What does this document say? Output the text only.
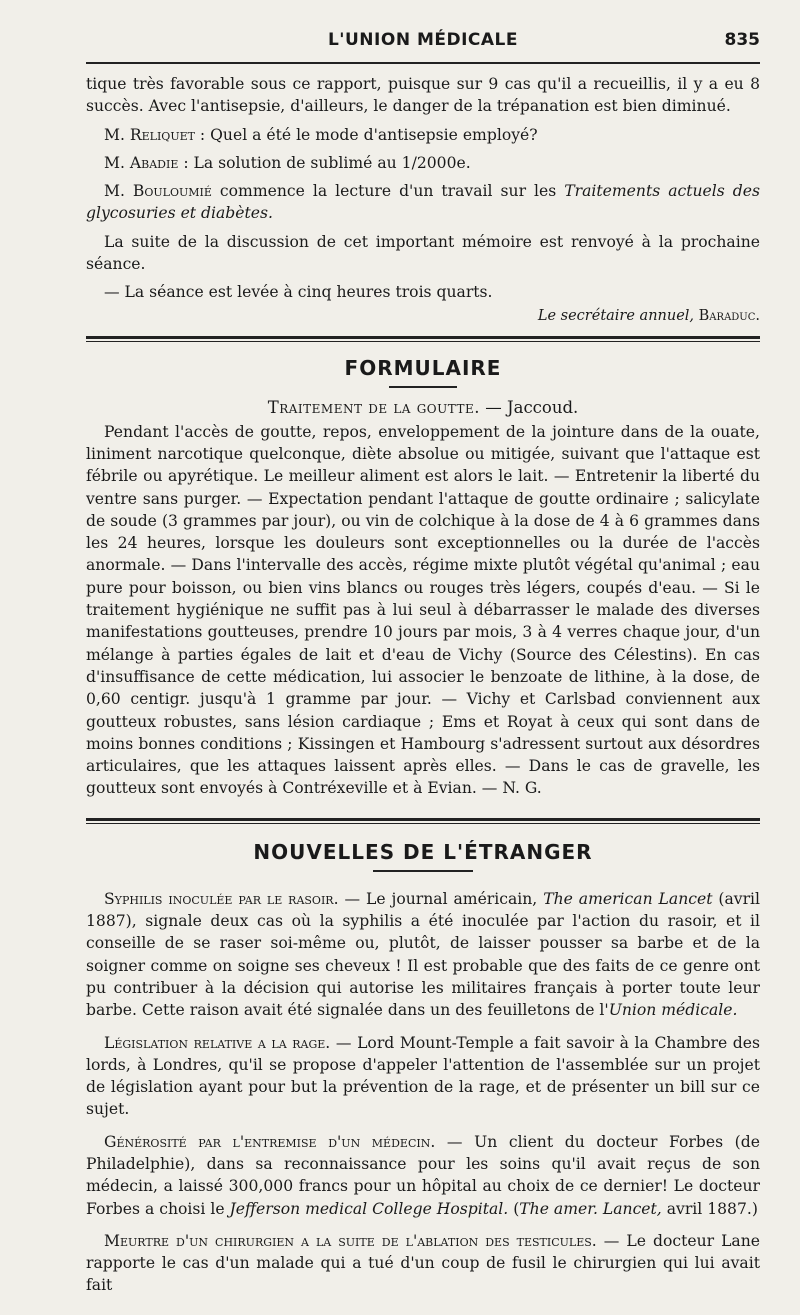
L'UNION MÉDICALE	835

tique très favorable sous ce rapport, puisque sur 9 cas qu'il a recueillis, il y a eu 8 succès. Avec l'antisepsie, d'ailleurs, le danger de la trépanation est bien diminué.

M. Reliquet : Quel a été le mode d'antisepsie employé?

M. Abadie : La solution de sublimé au 1/2000e.

M. Bouloumié commence la lecture d'un travail sur les Traitements actuels des glycosuries et diabètes.

La suite de la discussion de cet important mémoire est renvoyé à la prochaine séance.

— La séance est levée à cinq heures trois quarts.

Le secrétaire annuel, Baraduc.
FORMULAIRE
Traitement de la goutte. — Jaccoud.

Pendant l'accès de goutte, repos, enveloppement de la jointure dans de la ouate, liniment narcotique quelconque, diète absolue ou mitigée, suivant que l'attaque est fébrile ou apyrétique. Le meilleur aliment est alors le lait. — Entretenir la liberté du ventre sans purger. — Expectation pendant l'attaque de goutte ordinaire ; salicylate de soude (3 grammes par jour), ou vin de colchique à la dose de 4 à 6 grammes dans les 24 heures, lorsque les douleurs sont exceptionnelles ou la durée de l'accès anormale. — Dans l'intervalle des accès, régime mixte plutôt végétal qu'animal ; eau pure pour boisson, ou bien vins blancs ou rouges très légers, coupés d'eau. — Si le traitement hygiénique ne suffit pas à lui seul à débarrasser le malade des diverses manifestations goutteuses, prendre 10 jours par mois, 3 à 4 verres chaque jour, d'un mélange à parties égales de lait et d'eau de Vichy (Source des Célestins). En cas d'insuffisance de cette médication, lui associer le benzoate de lithine, à la dose, de 0,60 centigr. jusqu'à 1 gramme par jour. — Vichy et Carlsbad conviennent aux goutteux robustes, sans lésion cardiaque ; Ems et Royat à ceux qui sont dans de moins bonnes conditions ; Kissingen et Hambourg s'adressent surtout aux désordres articulaires, que les attaques laissent après elles. — Dans le cas de gravelle, les goutteux sont envoyés à Contréxeville et à Evian. — N. G.

NOUVELLES DE L'ÉTRANGER

Syphilis inoculée par le rasoir. — Le journal américain, The american Lancet (avril 1887), signale deux cas où la syphilis a été inoculée par l'action du rasoir, et il conseille de se raser soi-même ou, plutôt, de laisser pousser sa barbe et de la soigner comme on soigne ses cheveux ! Il est probable que des faits de ce genre ont pu contribuer à la décision qui autorise les militaires français à porter toute leur barbe. Cette raison avait été signalée dans un des feuilletons de l'Union médicale.

Législation relative a la rage. — Lord Mount-Temple a fait savoir à la Chambre des lords, à Londres, qu'il se propose d'appeler l'attention de l'assemblée sur un projet de législation ayant pour but la prévention de la rage, et de présenter un bill sur ce sujet.

Générosité par l'entremise d'un médecin. — Un client du docteur Forbes (de Philadelphie), dans sa reconnaissance pour les soins qu'il avait reçus de son médecin, a laissé 300,000 francs pour un hôpital au choix de ce dernier! Le docteur Forbes a choisi le Jefferson medical College Hospital. (The amer. Lancet, avril 1887.)

Meurtre d'un chirurgien a la suite de l'ablation des testicules. — Le docteur Lane rapporte le cas d'un malade qui a tué d'un coup de fusil le chirurgien qui lui avait fait
